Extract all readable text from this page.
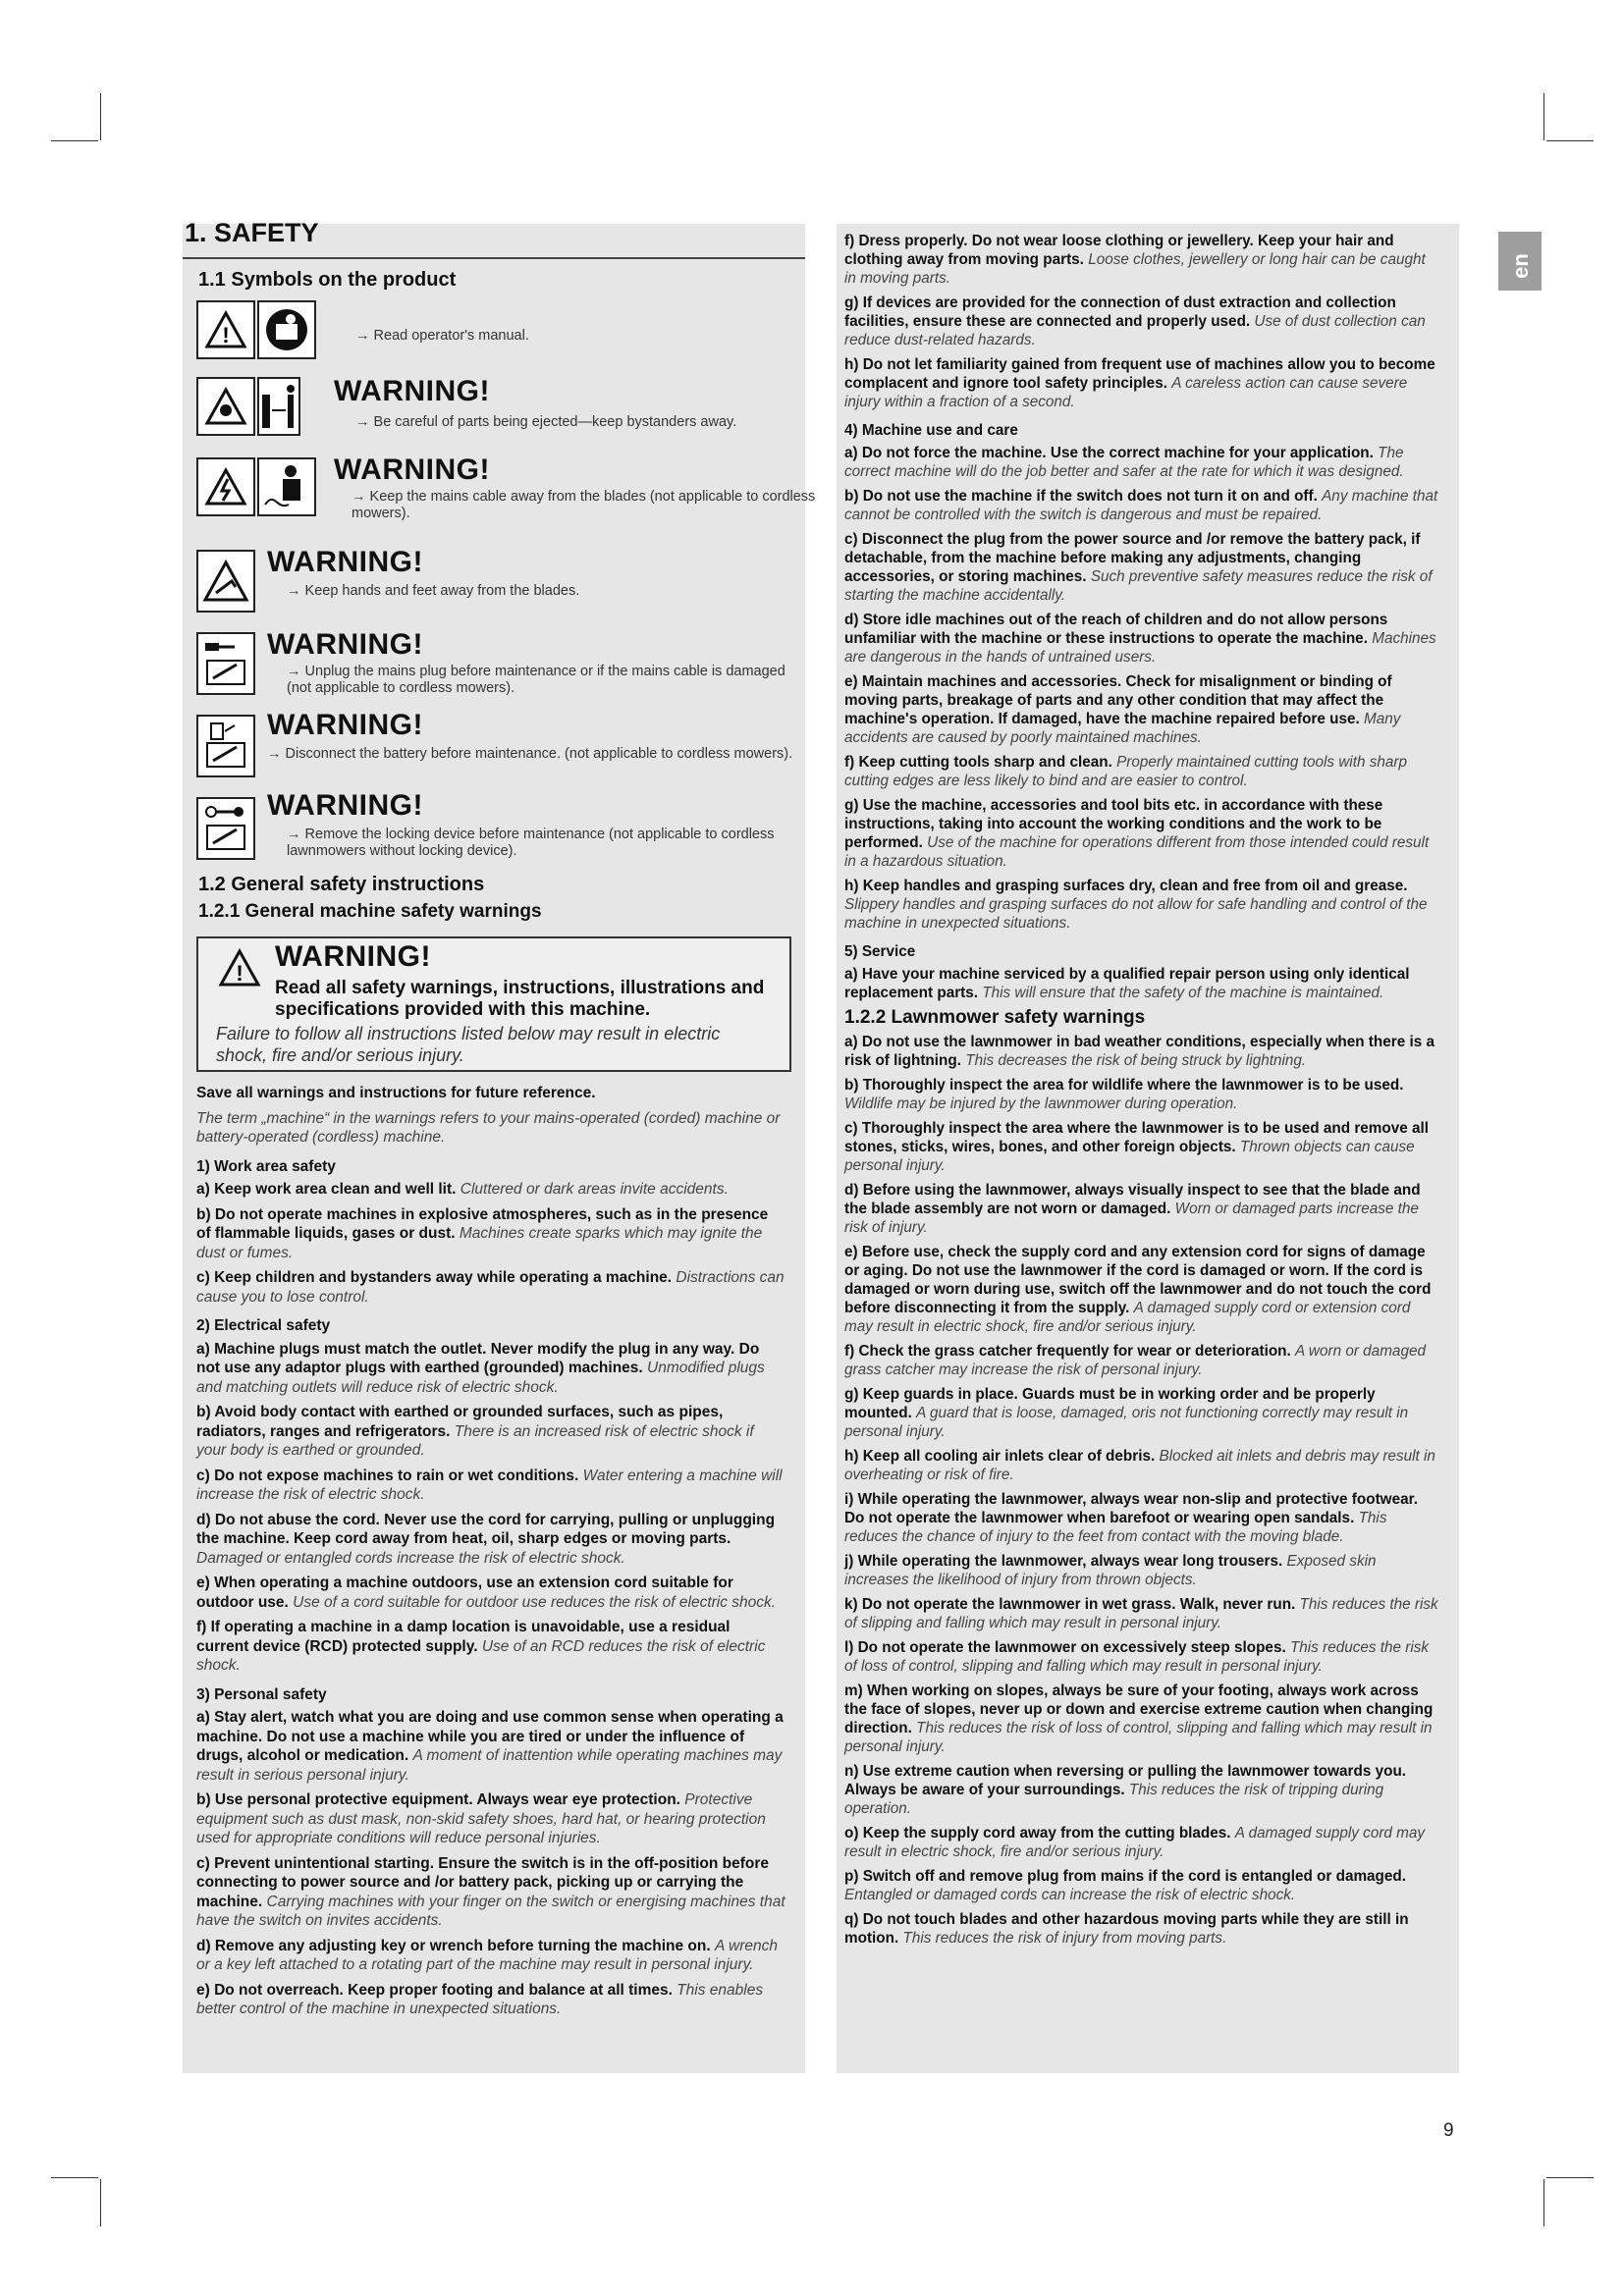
en
1. SAFETY
1.1 Symbols on the product
!	→ Read operator's manual.
WARNING!
→ Be careful of parts being ejected—keep bystanders away.
WARNING!
→ Keep the mains cable away from the blades (not applicable to cordless mowers).
WARNING!
→ Keep hands and feet away from the blades.
WARNING!
→ Unplug the mains plug before maintenance or if the mains cable is damaged (not applicable to cordless mowers).
WARNING!
→ Disconnect the battery before maintenance. (not applicable to cordless mowers).
WARNING!
→ Remove the locking device before maintenance (not applicable to cordless lawnmowers without locking device).
1.2 General safety instructions
1.2.1 General machine safety warnings
!
WARNING!
Read all safety warnings, instructions, illustrations and specifications provided with this machine.
Failure to follow all instructions listed below may result in electric shock, fire and/or serious injury.

Save all warnings and instructions for future reference.

The term „machine“ in the warnings refers to your mains-operated (corded) machine or battery-operated (cordless) machine.

1) Work area safety

a) Keep work area clean and well lit. Cluttered or dark areas invite accidents.

b) Do not operate machines in explosive atmospheres, such as in the presence of flammable liquids, gases or dust. Machines create sparks which may ignite the dust or fumes.

c) Keep children and bystanders away while operating a machine. Distractions can cause you to lose control.

2) Electrical safety

a) Machine plugs must match the outlet. Never modify the plug in any way. Do not use any adaptor plugs with earthed (grounded) machines. Unmodified plugs and matching outlets will reduce risk of electric shock.

b) Avoid body contact with earthed or grounded surfaces, such as pipes, radiators, ranges and refrigerators. There is an increased risk of electric shock if your body is earthed or grounded.

c) Do not expose machines to rain or wet conditions. Water entering a machine will increase the risk of electric shock.

d) Do not abuse the cord. Never use the cord for carrying, pulling or unplugging the machine. Keep cord away from heat, oil, sharp edges or moving parts. Damaged or entangled cords increase the risk of electric shock.

e) When operating a machine outdoors, use an extension cord suitable for outdoor use. Use of a cord suitable for outdoor use reduces the risk of electric shock.

f) If operating a machine in a damp location is unavoidable, use a residual current device (RCD) protected supply. Use of an RCD reduces the risk of electric shock.

3) Personal safety

a) Stay alert, watch what you are doing and use common sense when operating a machine. Do not use a machine while you are tired or under the influence of drugs, alcohol or medication. A moment of inattention while operating machines may result in serious personal injury.

b) Use personal protective equipment. Always wear eye protection. Protective equipment such as dust mask, non-skid safety shoes, hard hat, or hearing protection used for appropriate conditions will reduce personal injuries.

c) Prevent unintentional starting. Ensure the switch is in the off-position before connecting to power source and /or battery pack, picking up or carrying the machine. Carrying machines with your finger on the switch or energising machines that have the switch on invites accidents.

d) Remove any adjusting key or wrench before turning the machine on. A wrench or a key left attached to a rotating part of the machine may result in personal injury.

e) Do not overreach. Keep proper footing and balance at all times. This enables better control of the machine in unexpected situations.

f) Dress properly. Do not wear loose clothing or jewellery. Keep your hair and clothing away from moving parts. Loose clothes, jewellery or long hair can be caught in moving parts.

g) If devices are provided for the connection of dust extraction and collection facilities, ensure these are connected and properly used. Use of dust collection can reduce dust-related hazards.

h) Do not let familiarity gained from frequent use of machines allow you to become complacent and ignore tool safety principles. A careless action can cause severe injury within a fraction of a second.

4) Machine use and care

a) Do not force the machine. Use the correct machine for your application. The correct machine will do the job better and safer at the rate for which it was designed.

b) Do not use the machine if the switch does not turn it on and off. Any machine that cannot be controlled with the switch is dangerous and must be repaired.

c) Disconnect the plug from the power source and /or remove the battery pack, if detachable, from the machine before making any adjustments, changing accessories, or storing machines. Such preventive safety measures reduce the risk of starting the machine accidentally.

d) Store idle machines out of the reach of children and do not allow persons unfamiliar with the machine or these instructions to operate the machine. Machines are dangerous in the hands of untrained users.

e) Maintain machines and accessories. Check for misalignment or binding of moving parts, breakage of parts and any other condition that may affect the machine's operation. If damaged, have the machine repaired before use. Many accidents are caused by poorly maintained machines.

f) Keep cutting tools sharp and clean. Properly maintained cutting tools with sharp cutting edges are less likely to bind and are easier to control.

g) Use the machine, accessories and tool bits etc. in accordance with these instructions, taking into account the working conditions and the work to be performed. Use of the machine for operations different from those intended could result in a hazardous situation.

h) Keep handles and grasping surfaces dry, clean and free from oil and grease. Slippery handles and grasping surfaces do not allow for safe handling and control of the machine in unexpected situations.

5) Service

a) Have your machine serviced by a qualified repair person using only identical replacement parts. This will ensure that the safety of the machine is maintained.

1.2.2 Lawnmower safety warnings

a) Do not use the lawnmower in bad weather conditions, especially when there is a risk of lightning. This decreases the risk of being struck by lightning.

b) Thoroughly inspect the area for wildlife where the lawnmower is to be used. Wildlife may be injured by the lawnmower during operation.

c) Thoroughly inspect the area where the lawnmower is to be used and remove all stones, sticks, wires, bones, and other foreign objects. Thrown objects can cause personal injury.

d) Before using the lawnmower, always visually inspect to see that the blade and the blade assembly are not worn or damaged. Worn or damaged parts increase the risk of injury.

e) Before use, check the supply cord and any extension cord for signs of damage or aging. Do not use the lawnmower if the cord is damaged or worn. If the cord is damaged or worn during use, switch off the lawnmower and do not touch the cord before disconnecting it from the supply. A damaged supply cord or extension cord may result in electric shock, fire and/or serious injury.

f) Check the grass catcher frequently for wear or deterioration. A worn or damaged grass catcher may increase the risk of personal injury.

g) Keep guards in place. Guards must be in working order and be properly mounted. A guard that is loose, damaged, oris not functioning correctly may result in personal injury.

h) Keep all cooling air inlets clear of debris. Blocked ait inlets and debris may result in overheating or risk of fire.

i) While operating the lawnmower, always wear non-slip and protective footwear. Do not operate the lawnmower when barefoot or wearing open sandals. This reduces the chance of injury to the feet from contact with the moving blade.

j) While operating the lawnmower, always wear long trousers. Exposed skin increases the likelihood of injury from thrown objects.

k) Do not operate the lawnmower in wet grass. Walk, never run. This reduces the risk of slipping and falling which may result in personal injury.

l) Do not operate the lawnmower on excessively steep slopes. This reduces the risk of loss of control, slipping and falling which may result in personal injury.

m) When working on slopes, always be sure of your footing, always work across the face of slopes, never up or down and exercise extreme caution when changing direction. This reduces the risk of loss of control, slipping and falling which may result in personal injury.

n) Use extreme caution when reversing or pulling the lawnmower towards you. Always be aware of your surroundings. This reduces the risk of tripping during operation.

o) Keep the supply cord away from the cutting blades. A damaged supply cord may result in electric shock, fire and/or serious injury.

p) Switch off and remove plug from mains if the cord is entangled or damaged. Entangled or damaged cords can increase the risk of electric shock.

q) Do not touch blades and other hazardous moving parts while they are still in motion. This reduces the risk of injury from moving parts.

9
